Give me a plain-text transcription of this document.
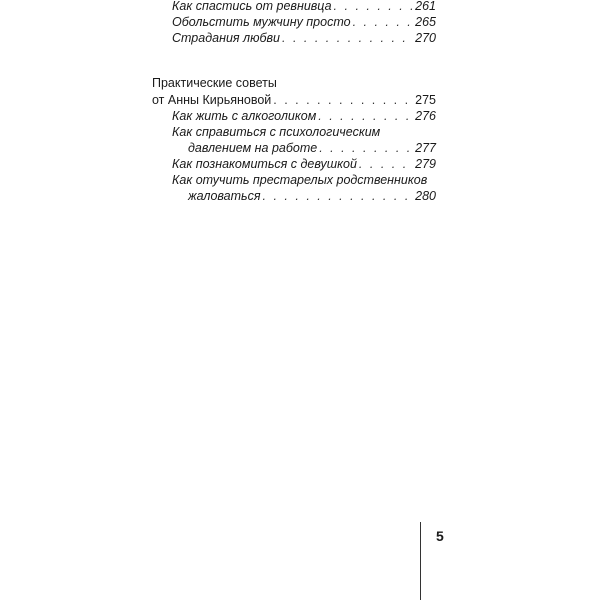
Как спастись от ревнивца . . .	261
Обольстить мужчину просто . . .	265
Страдания любви . . .	270
Практические советы
от Анны Кирьяновой . . .	275
Как жить с алкоголиком . . .	276
Как справиться с психологическим
давлением на работе . . .	277
Как познакомиться с девушкой . . .	279
Как отучить престарелых родственников
жаловаться . . .	280
5
